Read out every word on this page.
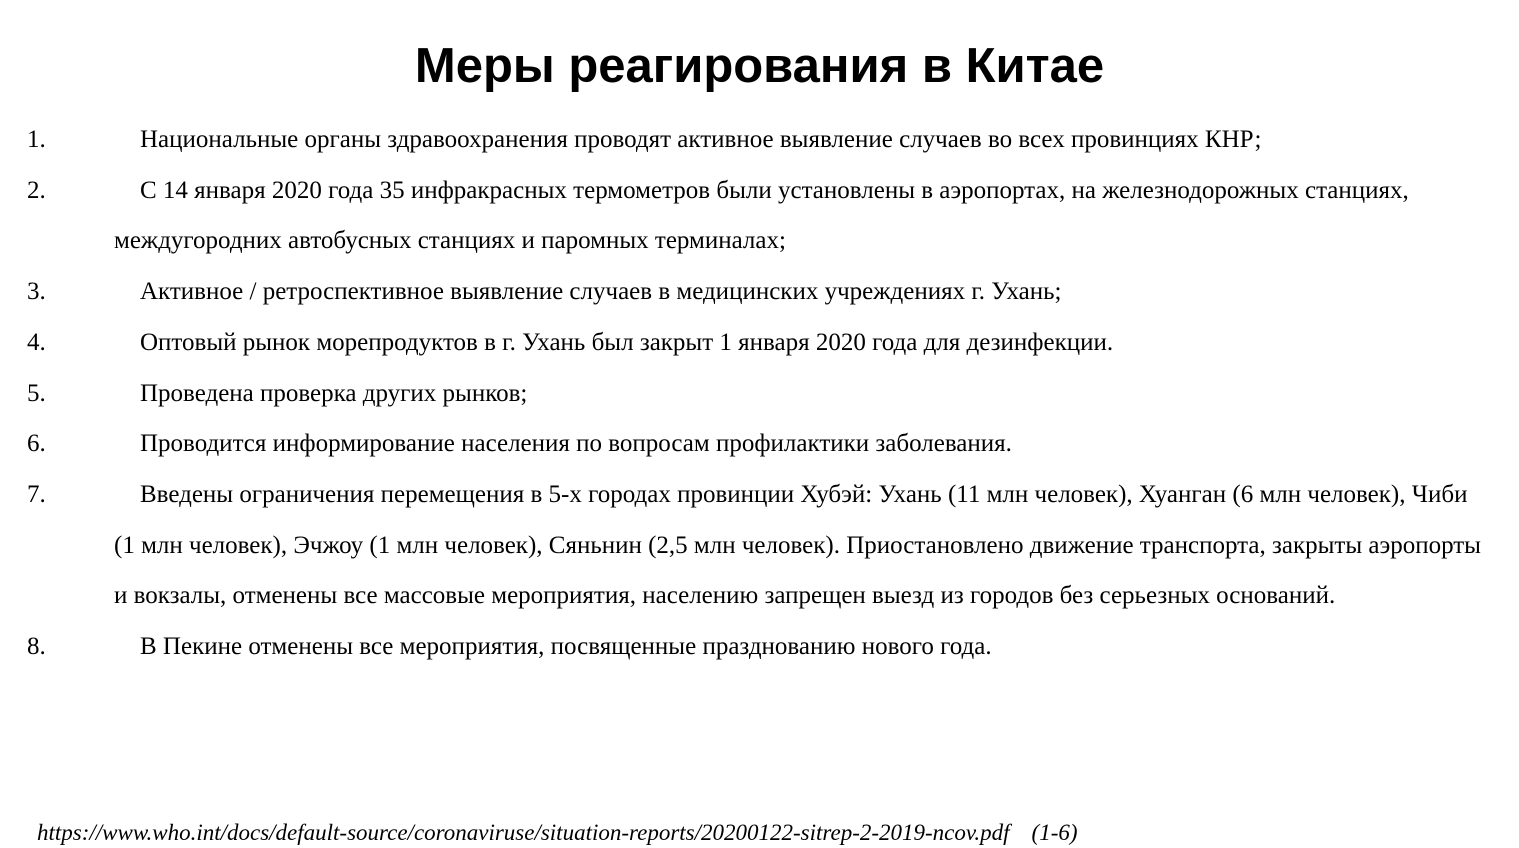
Меры реагирования в Китае
1.	Национальные органы здравоохранения проводят активное выявление случаев во всех провинциях КНР;
2.	С 14 января 2020 года 35 инфракрасных термометров были установлены в аэропортах, на железнодорожных станциях, междугородних автобусных станциях и паромных терминалах;
3.	Активное / ретроспективное выявление случаев в медицинских учреждениях г. Ухань;
4.	Оптовый рынок морепродуктов в г. Ухань был закрыт 1 января 2020 года для дезинфекции.
5.	Проведена проверка других рынков;
6.	Проводится информирование населения по вопросам профилактики заболевания.
7.	Введены ограничения перемещения в 5-х городах провинции Хубэй: Ухань (11 млн человек), Хуанган (6 млн человек), Чиби (1 млн человек), Эчжоу (1 млн человек), Сяньнин (2,5 млн человек). Приостановлено движение транспорта, закрыты аэропорты и вокзалы, отменены все массовые мероприятия, населению запрещен выезд из городов без серьезных оснований.
8.	В Пекине отменены все мероприятия, посвященные празднованию нового года.
https://www.who.int/docs/default-source/coronaviruse/situation-reports/20200122-sitrep-2-2019-ncov.pdf (1-6)
